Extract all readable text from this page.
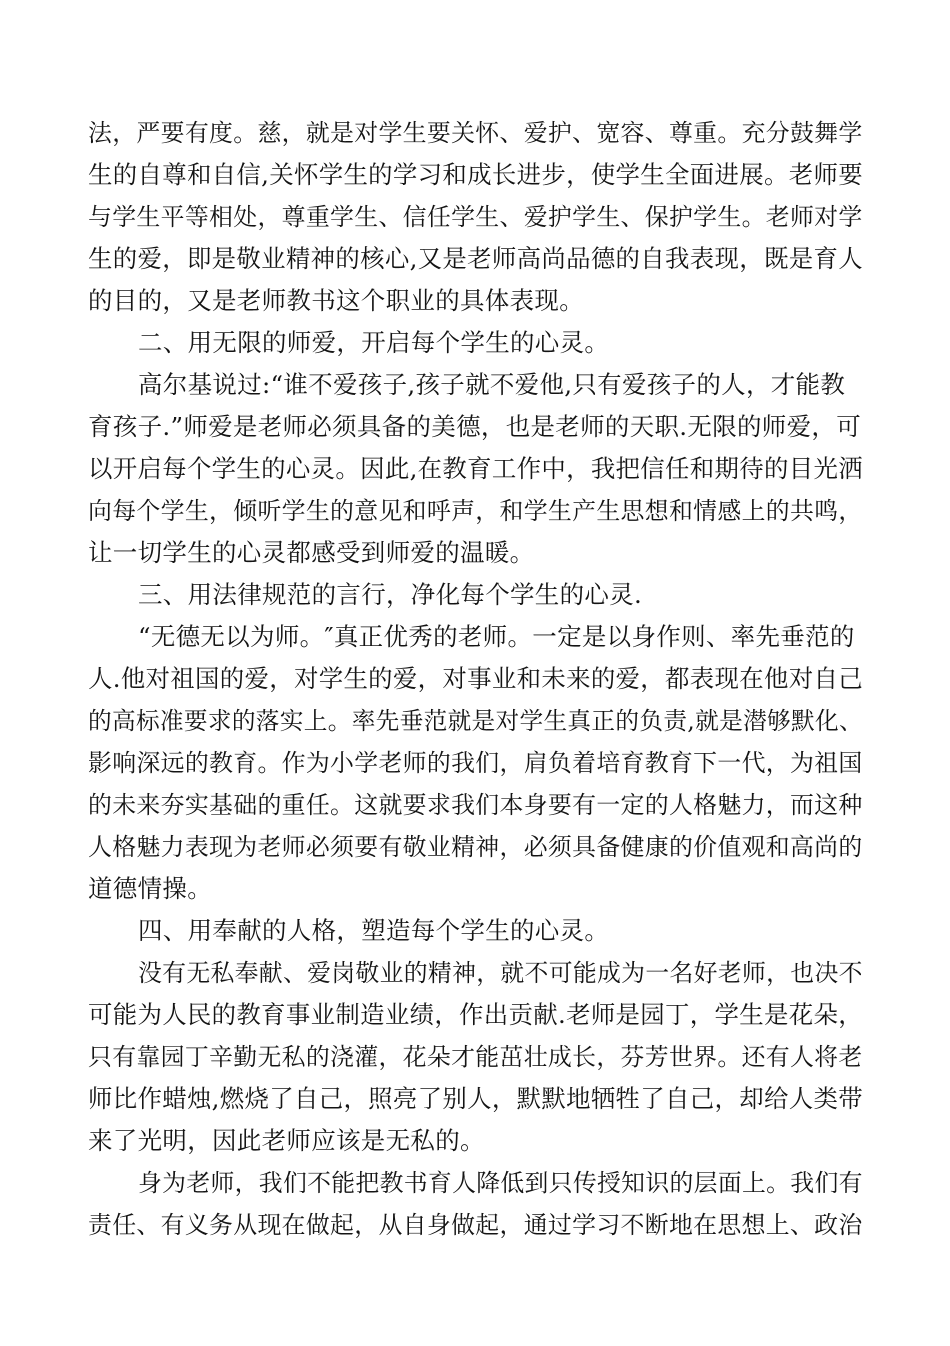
法，严要有度。慈，就是对学生要关怀、爱护、宽容、尊重。充分鼓舞学
生的自尊和自信,关怀学生的学习和成长进步，使学生全面进展。老师要
与学生平等相处，尊重学生、信任学生、爱护学生、保护学生。老师对学
生的爱，即是敬业精神的核心,又是老师高尚品德的自我表现，既是育人
的目的，又是老师教书这个职业的具体表现。
二、用无限的师爱，开启每个学生的心灵。
高尔基说过:“谁不爱孩子,孩子就不爱他,只有爱孩子的人，才能教
育孩子.”师爱是老师必须具备的美德，也是老师的天职.无限的师爱，可
以开启每个学生的心灵。因此,在教育工作中，我把信任和期待的目光洒
向每个学生，倾听学生的意见和呼声，和学生产生思想和情感上的共鸣，
让一切学生的心灵都感受到师爱的温暖。
三、用法律规范的言行，净化每个学生的心灵.
“无德无以为师。″真正优秀的老师。一定是以身作则、率先垂范的
人.他对祖国的爱，对学生的爱，对事业和未来的爱，都表现在他对自己
的高标准要求的落实上。率先垂范就是对学生真正的负责,就是潜够默化、
影响深远的教育。作为小学老师的我们，肩负着培育教育下一代，为祖国
的未来夯实基础的重任。这就要求我们本身要有一定的人格魅力，而这种
人格魅力表现为老师必须要有敬业精神，必须具备健康的价值观和高尚的
道德情操。
四、用奉献的人格，塑造每个学生的心灵。
没有无私奉献、爱岗敬业的精神，就不可能成为一名好老师，也决不
可能为人民的教育事业制造业绩，作出贡献.老师是园丁，学生是花朵，
只有靠园丁辛勤无私的浇灌，花朵才能茁壮成长，芬芳世界。还有人将老
师比作蜡烛,燃烧了自己，照亮了别人，默默地牺牲了自己，却给人类带
来了光明，因此老师应该是无私的。
身为老师，我们不能把教书育人降低到只传授知识的层面上。我们有
责任、有义务从现在做起，从自身做起，通过学习不断地在思想上、政治
